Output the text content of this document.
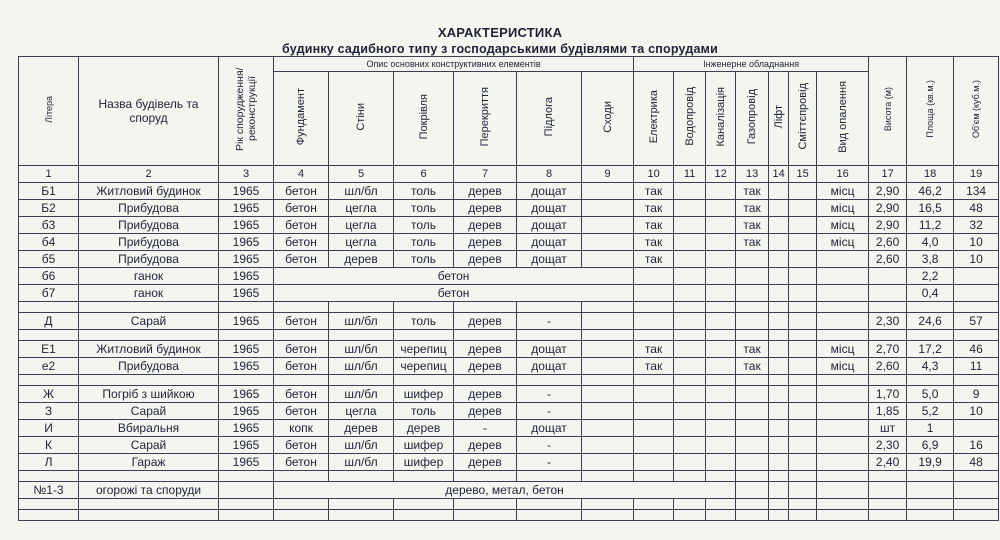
ХАРАКТЕРИСТИКА
будинку садибного типу з господарськими будівлями та спорудами
Літера	Назва будівель та споруд	Рік спорудження/реконструкції	Опис основних конструктивних елементів						Інженерне обладнання							Висота (м)	Площа (кв.м.)	Об'єм (куб.м.)
			Фундамент	Стіни	Покрівля	Перекриття	Підлога	Сходи	Електрика	Водопровід	Каналізація	Газопровід	Ліфт	Сміттєпровід	Вид опалення			
1	2	3	4	5	6	7	8	9	10	11	12	13	14	15	16	17	18	19
Б1	Житловий будинок	1965	бетон	шл/бл	толь	дерев	дощат		так			так			місц	2,90	46,2	134
Б2	Прибудова	1965	бетон	цегла	толь	дерев	дощат		так			так			місц	2,90	16,5	48
б3	Прибудова	1965	бетон	цегла	толь	дерев	дощат		так			так			місц	2,90	11,2	32
б4	Прибудова	1965	бетон	цегла	толь	дерев	дощат		так			так			місц	2,60	4,0	10
б5	Прибудова	1965	бетон	дерев	толь	дерев	дощат		так							2,60	3,8	10
б6	ганок	1965	бетон														2,2	
б7	ганок	1965	бетон														0,4	

Д	Сарай	1965	бетон	шл/бл	толь	дерев	-									2,30	24,6	57

Е1	Житловий будинок	1965	бетон	шл/бл	черепиц	дерев	дощат		так			так			місц	2,70	17,2	46
е2	Прибудова	1965	бетон	шл/бл	черепиц	дерев	дощат		так			так			місц	2,60	4,3	11

Ж	Погріб з шийкою	1965	бетон	шл/бл	шифер	дерев	-									1,70	5,0	9
З	Сарай	1965	бетон	цегла	толь	дерев	-									1,85	5,2	10
И	Вбиральня	1965	копк	дерев	дерев	-	дощат									шт	1	
К	Сарай	1965	бетон	шл/бл	шифер	дерев	-									2,30	6,9	16
Л	Гараж	1965	бетон	шл/бл	шифер	дерев	-									2,40	19,9	48

№1-3	огорожі та споруди		дерево, метал, бетон															
